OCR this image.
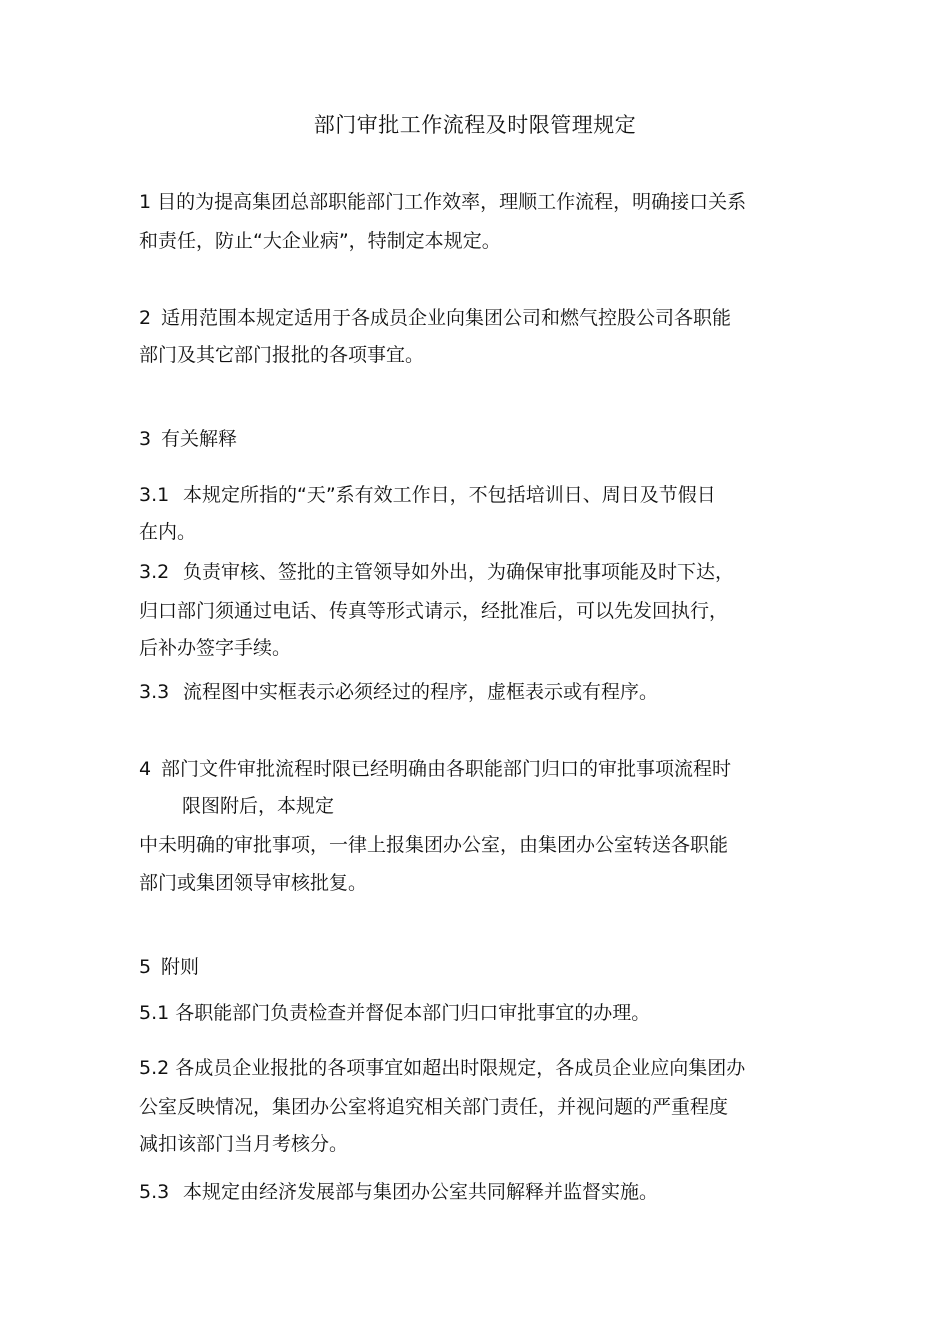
部门审批工作流程及时限管理规定

1 目的为提高集团总部职能部门工作效率，理顺工作流程，明确接口关系

和责任，防止“大企业病”，特制定本规定。

2 适用范围本规定适用于各成员企业向集团公司和燃气控股公司各职能

部门及其它部门报批的各项事宜。

3 有关解释

3.1 本规定所指的“天”系有效工作日，不包括培训日、周日及节假日

在内。

3.2 负责审核、签批的主管领导如外出，为确保审批事项能及时下达，

归口部门须通过电话、传真等形式请示，经批准后，可以先发回执行，

后补办签字手续。

3.3 流程图中实框表示必须经过的程序，虚框表示或有程序。

4 部门文件审批流程时限已经明确由各职能部门归口的审批事项流程时

限图附后，本规定

中未明确的审批事项，一律上报集团办公室，由集团办公室转送各职能

部门或集团领导审核批复。

5 附则

5.1 各职能部门负责检查并督促本部门归口审批事宜的办理。

5.2 各成员企业报批的各项事宜如超出时限规定，各成员企业应向集团办

公室反映情况，集团办公室将追究相关部门责任，并视问题的严重程度

减扣该部门当月考核分。

5.3 本规定由经济发展部与集团办公室共同解释并监督实施。
